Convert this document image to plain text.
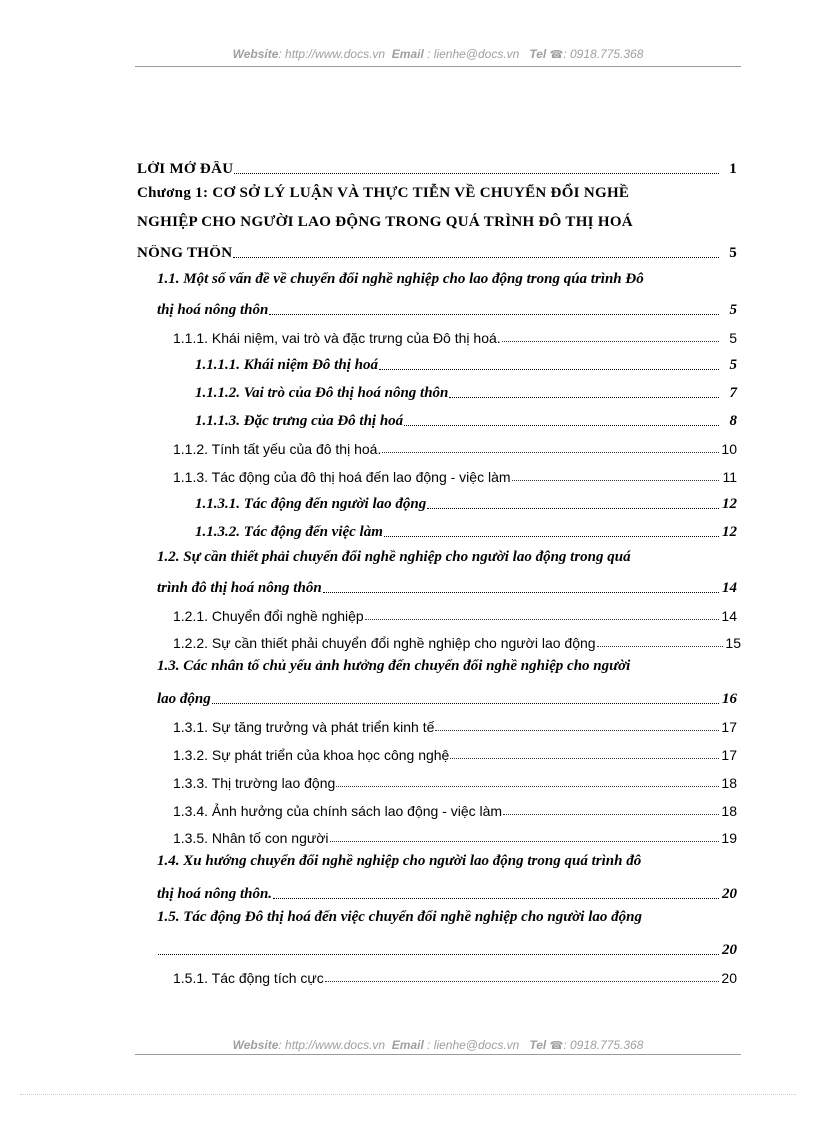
Website: http://www.docs.vn Email : lienhe@docs.vn Tel ☎: 0918.775.368
LỜI MỞ ĐẦU	1
Chương 1: CƠ SỞ LÝ LUẬN VÀ THỰC TIỄN VỀ CHUYỂN ĐỔI NGHỀ
NGHIỆP CHO NGƯỜI LAO ĐỘNG TRONG QUÁ TRÌNH ĐÔ THỊ HOÁ
NÔNG THÔN	5
1.1. Một số vấn đề về chuyển đổi nghề nghiệp cho lao động trong qúa trình Đô
thị hoá nông thôn	5
1.1.1. Khái niệm, vai trò và đặc trưng của Đô thị hoá.	5
1.1.1.1. Khái niệm Đô thị hoá	5
1.1.1.2. Vai trò của Đô thị hoá nông thôn	7
1.1.1.3. Đặc trưng của Đô thị hoá	8
1.1.2. Tính tất yếu của đô thị hoá.	10
1.1.3. Tác động của đô thị hoá đến lao động - việc làm	11
1.1.3.1. Tác động đến người lao động	12
1.1.3.2. Tác động đến việc làm	12
1.2. Sự cần thiết phải chuyển đổi nghề nghiệp cho người lao động trong quá
trình đô thị hoá nông thôn	14
1.2.1. Chuyển đổi nghề nghiệp	14
1.2.2. Sự cần thiết phải chuyển đổi nghề nghiệp cho người lao động	15
1.3. Các nhân tố chủ yếu ảnh hưởng đến chuyển đổi nghề nghiệp cho người
lao động	16
1.3.1. Sự tăng trưởng và phát triển kinh tế	17
1.3.2. Sự phát triển của khoa học công nghệ	17
1.3.3. Thị trường lao động	18
1.3.4. Ảnh hưởng của chính sách lao động - việc làm	18
1.3.5. Nhân tố con người	19
1.4. Xu hướng chuyển đổi nghề nghiệp cho người lao động trong quá trình đô
thị hoá nông thôn.	20
1.5. Tác động Đô thị hoá đến việc chuyển đổi nghề nghiệp cho người lao động
20
1.5.1. Tác động tích cực	20
Website: http://www.docs.vn Email : lienhe@docs.vn Tel ☎: 0918.775.368
